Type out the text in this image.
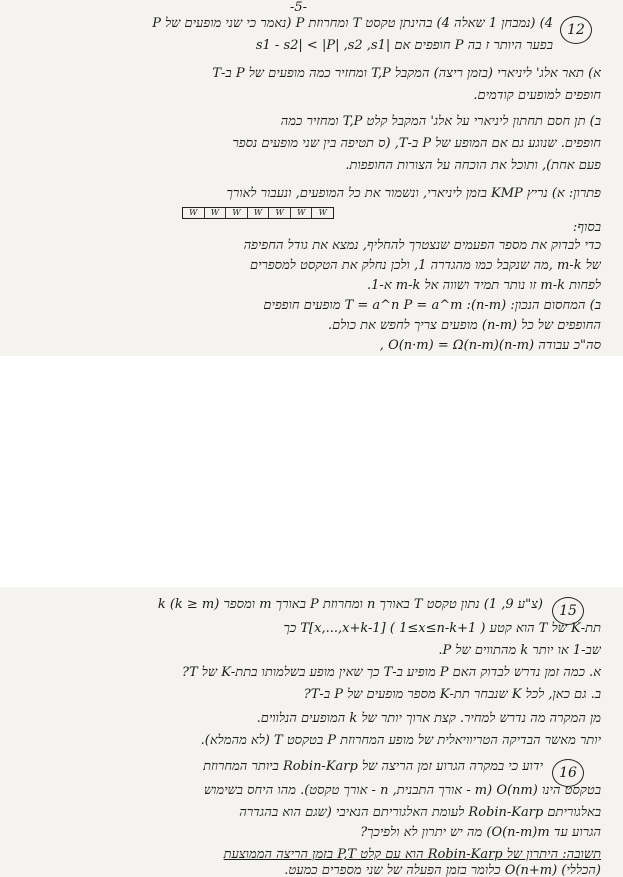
-5-
12
4) (נמבחן 1 שאלה 4) בהינתן טקסט T ומחרוזת P (נאמר כי שני מופעים של P
בפער היותר ז בה P חופפים אם |s1 - s2| < |P| ,s2 ,s1
א) תאר אלג' ליניארי (בזמן ריצה) המקבל T,P ומחזיר כמה מופעים של P ב-T
חופפים למופעים קודמים.
ב) תן חסם תחתון ליניארי על אלג' המקבל קלט T,P ומחזיר כמה
חופפים. שנוגע גם אם המופע של P ב-T, (ס תטיפה בין שני מופעים נספר
פעם אחת), ותוכל את הוכחה על הצורות החופפות.
פתרון: א) נריץ KMP בזמן ליניארי, ונשמור את כל המופעים, ונעבור לאורך
W	W	W	W	W	W	W
בסוף:
כדי לבדוק את מספר הפעמים שנצטרך להחליף, נמצא את גודל החפיפה
של m-k ,מה שנקבל כמו מהגדרה 1, ולכן נחלק את הטקסט למספרים
לפחות m-k זו נותר תמיד ושווה אל m-k א-1.
ב) המחסום הנכון: T = a^n P = a^m :(n-m) מופעים חופפים
החופפים של כל (n-m) מופעים צריך לחפש את כולם.
סה"כ עבודה O(n·m) = Ω(n-m)(n-m) ,
15
(צ"ע 9, 1) נתון טקסט T באורך n ומחרוזת P באורך m ומספר k (k ≥ m)
תת-K של T הוא קטע T[x,...,x+k-1] ( 1≤x≤n-k+1 ) כך
שב-1 או יותר k מהתווים של P.
א. כמה זמן נדרש לבדוק האם P מופיע ב-T כך שאין מופע בשלמותו בתת-K של T?
ב. גם כאן, לכל K שנבחר תת-K מספר מופעים של P ב-T?
מן המקרה מה נדרש למחיר. קצת ארוך יותר של k המופעים הנלווים.
יותר מאשר הבדיקה הטריוויאלית של מופע המחרוזת P בטקסט T (לא מהמלא).
16
ידוע כי במקרה הגרוע זמן הריצה של Robin-Karp ביותר המחרוזת
בטקסט הינו O(nm) (m - אורך התבנית, n - אורך טקסט). מהו היחס בשימוש
באלגוריתם Robin-Karp לעומת האלגוריתם הנאיבי (שגם הוא בהגדרה
הגרוע עד O(n-m)m) מה יש יתרון לא ולפיכך?
תשובה: היתרון של Robin-Karp הוא עם קלט P,T בזמן הריצה הממוצעת
(הכללי) O(n+m) כלומר בזמן הפעלה של שני מספרים כמעט.
